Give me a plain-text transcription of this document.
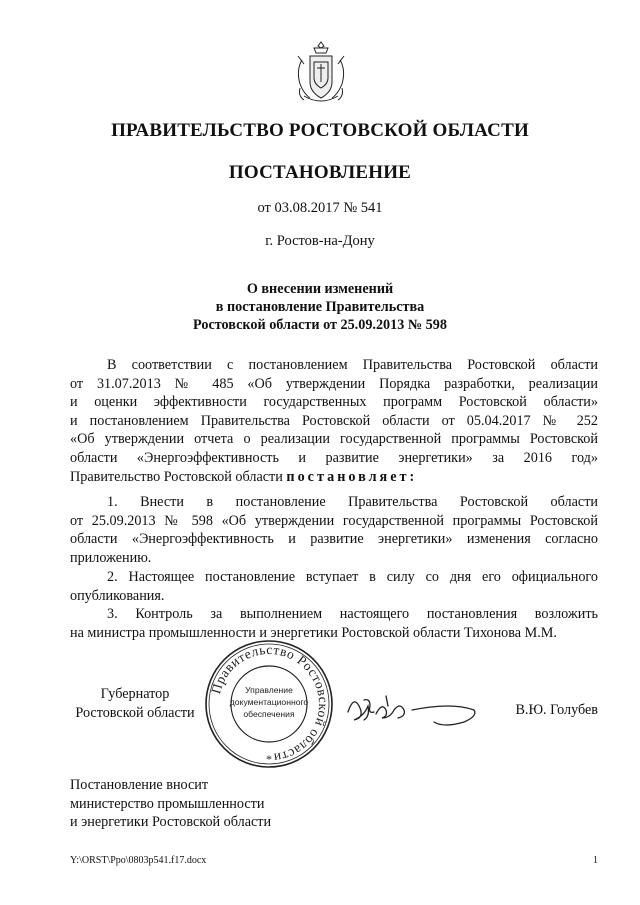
ПРАВИТЕЛЬСТВО РОСТОВСКОЙ ОБЛАСТИ
ПОСТАНОВЛЕНИЕ
от 03.08.2017 № 541
г. Ростов-на-Дону
О внесении изменений
в постановление Правительства
Ростовской области от 25.09.2013 № 598
В соответствии с постановлением Правительства Ростовской области
от 31.07.2013 № 485 «Об утверждении Порядка разработки, реализации
и оценки эффективности государственных программ Ростовской области»
и постановлением Правительства Ростовской области от 05.04.2017 № 252
«Об утверждении отчета о реализации государственной программы Ростовской
области «Энергоэффективность и развитие энергетики» за 2016 год»
Правительство Ростовской области постановляет:
1. Внести в постановление Правительства Ростовской области
от 25.09.2013 № 598 «Об утверждении государственной программы Ростовской
области «Энергоэффективность и развитие энергетики» изменения согласно
приложению.
2. Настоящее постановление вступает в силу со дня его официального
опубликования.
3. Контроль за выполнением настоящего постановления возложить
на министра промышленности и энергетики Ростовской области Тихонова М.М.
Губернатор
Ростовской области
Правительство Ростовской области
Управление
документационного
обеспечения
*
В.Ю. Голубев
Постановление вносит
министерство промышленности
и энергетики Ростовской области
Y:\ORST\Ppo\0803p541.f17.docx	1
